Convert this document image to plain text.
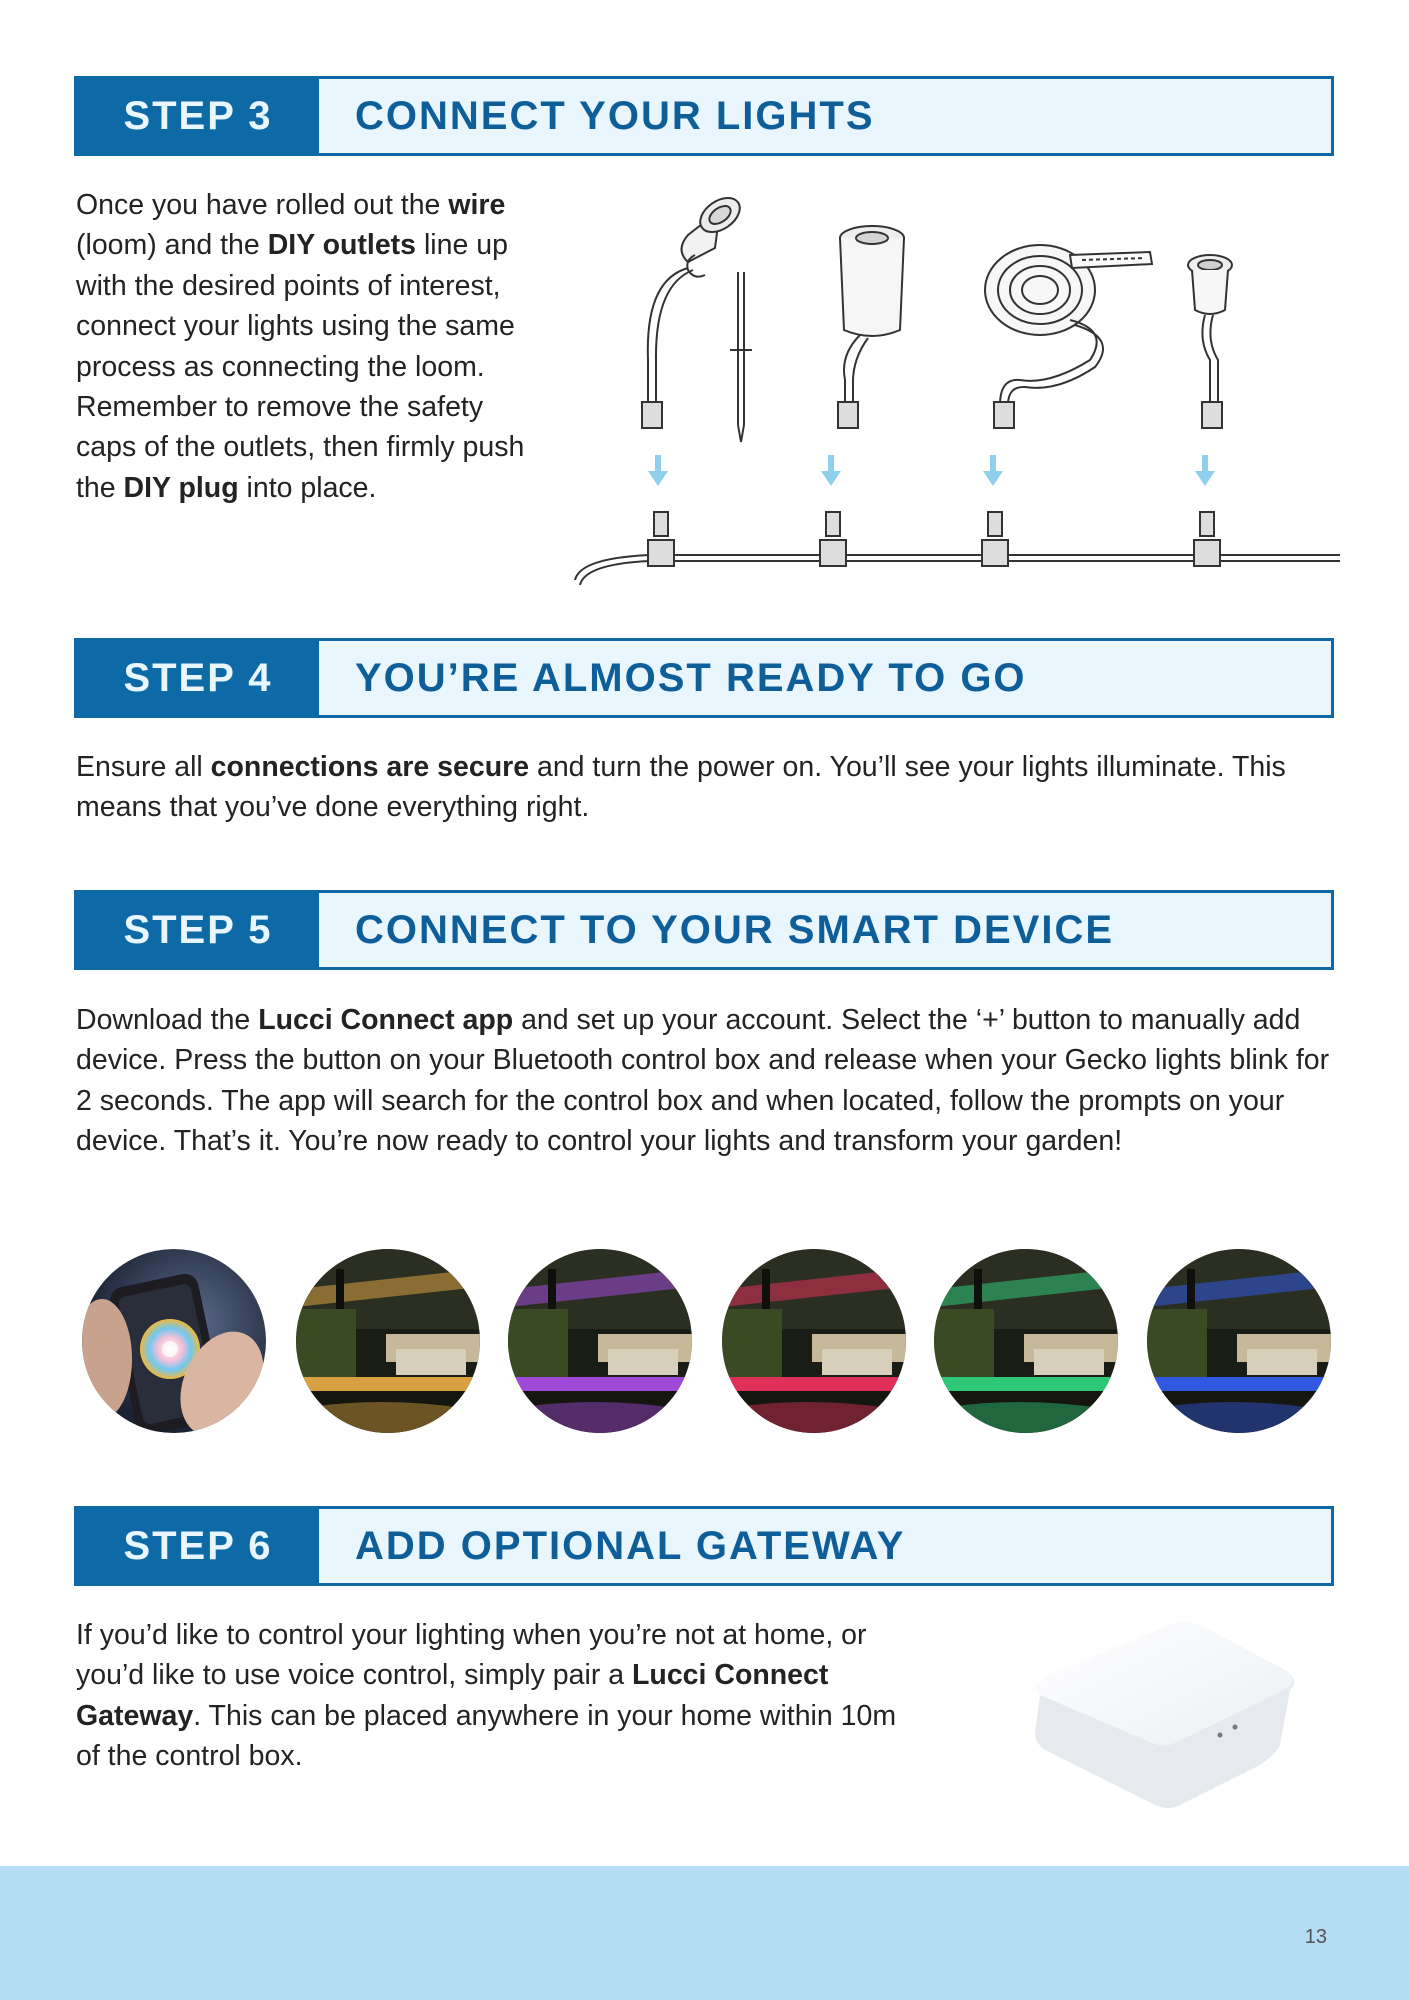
STEP 3	CONNECT YOUR LIGHTS
Once you have rolled out the wire (loom) and the DIY outlets line up with the desired points of interest, connect your lights using the same process as connecting the loom. Remember to remove the safety caps of the outlets, then firmly push the DIY plug into place.
STEP 4	YOU’RE ALMOST READY TO GO
Ensure all connections are secure and turn the power on. You’ll see your lights illuminate. This means that you’ve done everything right.
STEP 5	CONNECT TO YOUR SMART DEVICE
Download the Lucci Connect app and set up your account. Select the ‘+’ button to manually add device. Press the button on your Bluetooth control box and release when your Gecko lights blink for 2 seconds. The app will search for the control box and when located, follow the prompts on your device. That’s it. You’re now ready to control your lights and transform your garden!
STEP 6	ADD OPTIONAL GATEWAY
If you’d like to control your lighting when you’re not at home, or you’d like to use voice control, simply pair a Lucci Connect Gateway. This can be placed anywhere in your home within 10m of the control box.
13
